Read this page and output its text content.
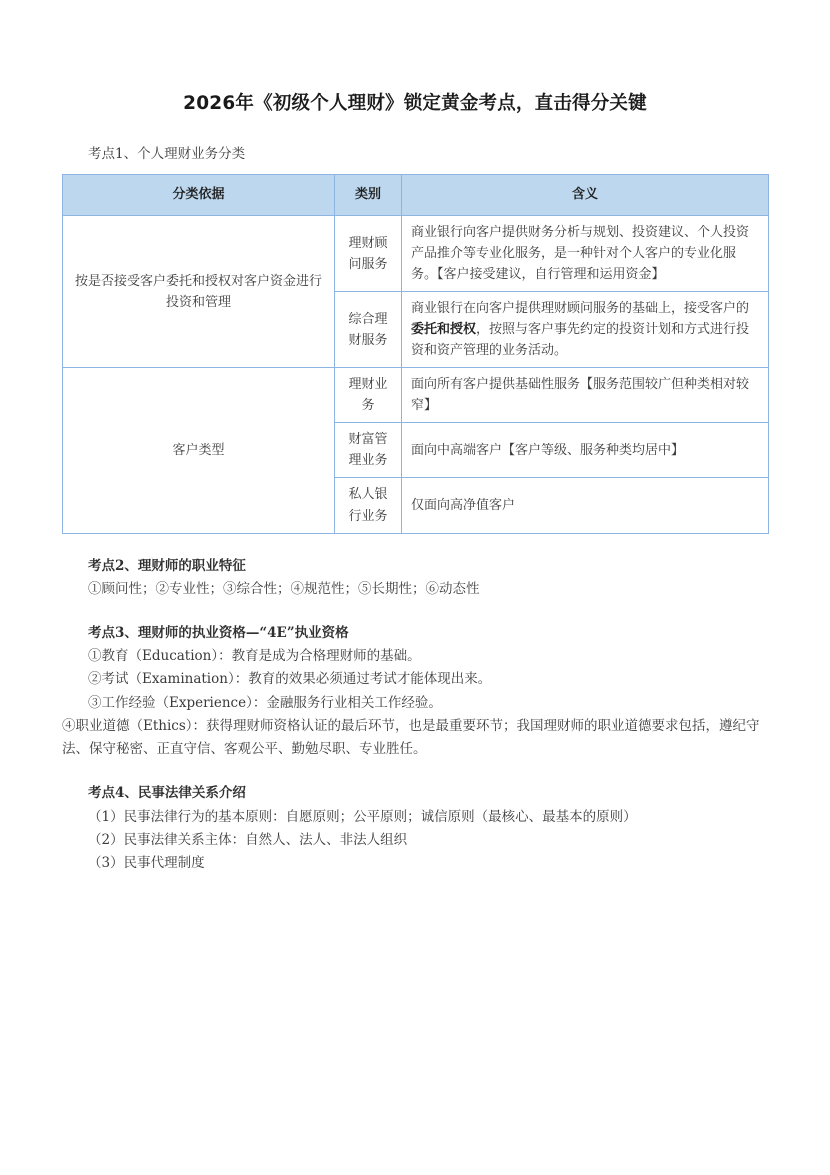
2026年《初级个人理财》锁定黄金考点，直击得分关键
考点1、个人理财业务分类
分类依据	类别	含义
按是否接受客户委托和授权对客户资金进行投资和管理	理财顾问服务	商业银行向客户提供财务分析与规划、投资建议、个人投资产品推介等专业化服务，是一种针对个人客户的专业化服务。【客户接受建议，自行管理和运用资金】
	综合理财服务	商业银行在向客户提供理财顾问服务的基础上，接受客户的委托和授权，按照与客户事先约定的投资计划和方式进行投资和资产管理的业务活动。
客户类型	理财业务	面向所有客户提供基础性服务【服务范围较广但种类相对较窄】
	财富管理业务	面向中高端客户【客户等级、服务种类均居中】
	私人银行业务	仅面向高净值客户

考点2、理财师的职业特征

①顾问性；②专业性；③综合性；④规范性；⑤长期性；⑥动态性

考点3、理财师的执业资格—“4E”执业资格

①教育（Education）：教育是成为合格理财师的基础。

②考试（Examination）：教育的效果必须通过考试才能体现出来。

③工作经验（Experience）：金融服务行业相关工作经验。

④职业道德（Ethics）：获得理财师资格认证的最后环节，也是最重要环节；我国理财师的职业道德要求包括，遵纪守法、保守秘密、正直守信、客观公平、勤勉尽职、专业胜任。

考点4、民事法律关系介绍

（1）民事法律行为的基本原则：自愿原则；公平原则；诚信原则（最核心、最基本的原则）

（2）民事法律关系主体：自然人、法人、非法人组织

（3）民事代理制度
